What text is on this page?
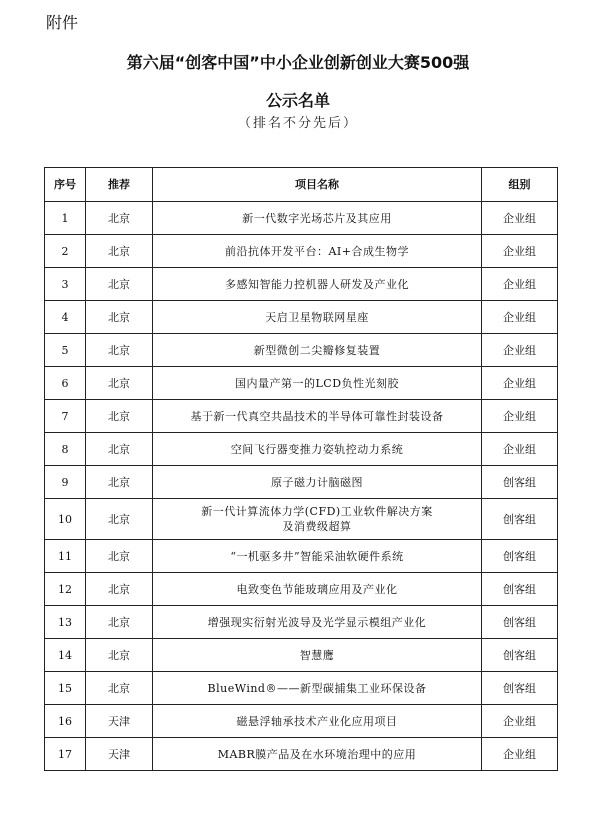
附件
第六届“创客中国”中小企业创新创业大赛500强
公示名单
（排名不分先后）
序号	推荐	项目名称	组别
1	北京	新一代数字光场芯片及其应用	企业组
2	北京	前沿抗体开发平台：AI+合成生物学	企业组
3	北京	多感知智能力控机器人研发及产业化	企业组
4	北京	天启卫星物联网星座	企业组
5	北京	新型微创二尖瓣修复装置	企业组
6	北京	国内量产第一的LCD负性光刻胶	企业组
7	北京	基于新一代真空共晶技术的半导体可靠性封装设备	企业组
8	北京	空间飞行器变推力姿轨控动力系统	企业组
9	北京	原子磁力计脑磁图	创客组
10	北京	新一代计算流体力学(CFD)工业软件解决方案
及消费级超算	创客组
11	北京	“一机驱多井”智能采油软硬件系统	创客组
12	北京	电致变色节能玻璃应用及产业化	创客组
13	北京	增强现实衍射光波导及光学显示模组产业化	创客组
14	北京	智慧鹰	创客组
15	北京	BlueWind®——新型碳捕集工业环保设备	创客组
16	天津	磁悬浮轴承技术产业化应用项目	企业组
17	天津	MABR膜产品及在水环境治理中的应用	企业组
